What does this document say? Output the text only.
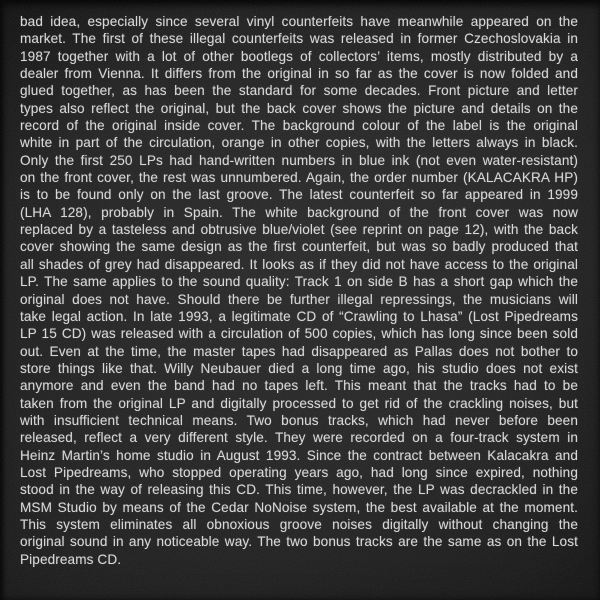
bad idea, especially since several vinyl counterfeits have meanwhile appeared on the
market. The first of these illegal counterfeits was released in former Czechoslovakia in
1987 together with a lot of other bootlegs of collectors’ items, mostly distributed by a
dealer from Vienna. It differs from the original in so far as the cover is now folded and
glued together, as has been the standard for some decades. Front picture and letter
types also reflect the original, but the back cover shows the picture and details on the
record of the original inside cover. The background colour of the label is the original
white in part of the circulation, orange in other copies, with the letters always in black.
Only the first 250 LPs had hand-written numbers in blue ink (not even water-resistant)
on the front cover, the rest was unnumbered. Again, the order number (KALACAKRA HP)
is to be found only on the last groove. The latest counterfeit so far appeared in 1999
(LHA 128), probably in Spain. The white background of the front cover was now
replaced by a tasteless and obtrusive blue/violet (see reprint on page 12), with the back
cover showing the same design as the first counterfeit, but was so badly produced that
all shades of grey had disappeared. It looks as if they did not have access to the original
LP. The same applies to the sound quality: Track 1 on side B has a short gap which the
original does not have. Should there be further illegal repressings, the musicians will
take legal action. In late 1993, a legitimate CD of “Crawling to Lhasa” (Lost Pipedreams
LP 15 CD) was released with a circulation of 500 copies, which has long since been sold
out. Even at the time, the master tapes had disappeared as Pallas does not bother to
store things like that. Willy Neubauer died a long time ago, his studio does not exist
anymore and even the band had no tapes left. This meant that the tracks had to be
taken from the original LP and digitally processed to get rid of the crackling noises, but
with insufficient technical means. Two bonus tracks, which had never before been
released, reflect a very different style. They were recorded on a four-track system in
Heinz Martin’s home studio in August 1993. Since the contract between Kalacakra and
Lost Pipedreams, who stopped operating years ago, had long since expired, nothing
stood in the way of releasing this CD. This time, however, the LP was decrackled in the
MSM Studio by means of the Cedar NoNoise system, the best available at the moment.
This system eliminates all obnoxious groove noises digitally without changing the
original sound in any noticeable way. The two bonus tracks are the same as on the Lost
Pipedreams CD.
